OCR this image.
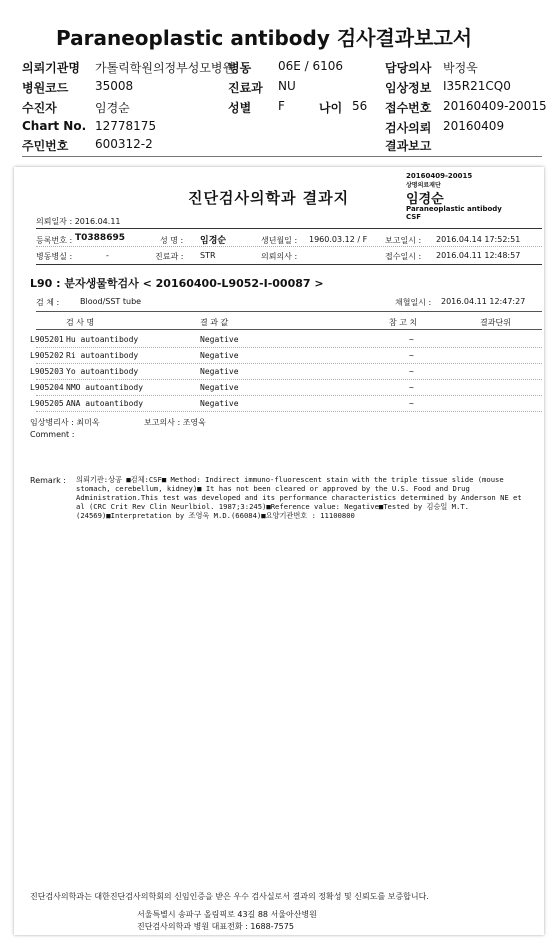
Paraneoplastic antibody 검사결과보고서
의뢰기관명 가톨릭학원의정부성모병원
병동 06E / 6106	담당의사 박정욱
병원코드 35008	진료과 NU	임상정보 I35R21CQ0
수진자	임경순	성별 F	나이 56 접수번호 20160409-20015
Chart No. 12778175	검사의뢰 20160409
주민번호 600312-2	결과보고
진단검사의학과 결과지
20160409-20015
상명의료재단
임경순
Paraneoplastic antibody
CSF
의뢰일자 : 2016.04.11
등록번호 : T0388695	성 명 : 임경순	생년월일 : 1960.03.12 / F 보고일시 : 2016.04.14 17:52:51
병동병실 :	-	진료과 : STR	의뢰의사 :	접수일시 : 2016.04.11 12:48:57
L90 : 분자생물학검사 < 20160400-L9052-I-00087 >
검 체 :	Blood/SST tube	채혈일시 : 2016.04.11 12:47:27
검 사 명	결 과 값	참 고 치	결과단위
L905201 Hu autoantibody	Negative	~
L905202 Ri autoantibody	Negative	~
L905203 Yo autoantibody	Negative	~
L905204 NMO autoantibody	Negative	~
L905205 ANA autoantibody	Negative	~
임상병리사 : 최미옥	보고의사 : 조영욱
Comment :
Remark : 의뢰기관:상공 ■검체:CSF■ Method: Indirect immuno-fluorescent stain with the triple tissue slide (mouse
stomach, cerebellum, kidney)■ It has not been cleared or approved by the U.S. Food and Drug
Administration.This test was developed and its performance characteristics determined by Anderson NE et
al (CRC Crit Rev Clin Neurlbiol. 1987;3:245)■Reference value: Negative■Tested by 김승일 M.T.
(24569)■Interpretation by 조영욱 M.D.(66084)■요양기관번호 : 11100800
진단검사의학과는 대한진단검사의학회의 신임인증을 받은 우수 검사실로서 결과의 정확성 및 신뢰도를 보증합니다.
서울특별시 송파구 올림픽로 43길 88 서울아산병원
진단검사의학과 병원 대표전화 : 1688-7575
